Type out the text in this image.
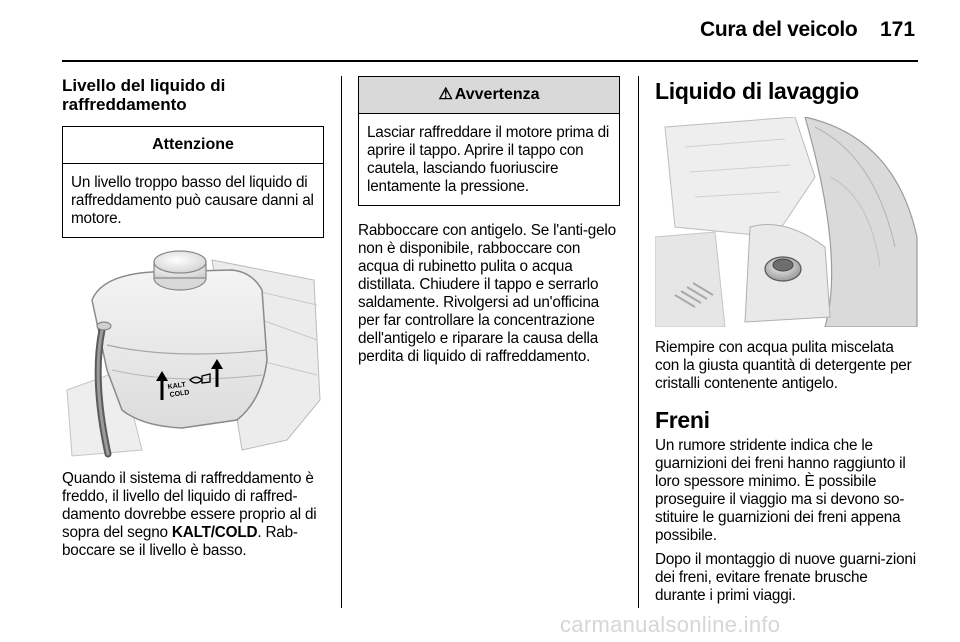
Cura del veicolo 171
Livello del liquido di raffreddamento
Attenzione
Un livello troppo basso del liquido di raffreddamento può causare danni al motore.
KALT
COLD

Quando il sistema di raffreddamento è freddo, il livello del liquido di raffred-damento dovrebbe essere proprio al di sopra del segno KALT/COLD. Rab-boccare se il livello è basso.

⚠ Avvertenza
Lasciar raffreddare il motore prima di aprire il tappo. Aprire il tappo con cautela, lasciando fuoriuscire lentamente la pressione.

Rabboccare con antigelo. Se l'anti-gelo non è disponibile, rabboccare con acqua di rubinetto pulita o acqua distillata. Chiudere il tappo e serrarlo saldamente. Rivolgersi ad un'officina per far controllare la concentrazione dell'antigelo e riparare la causa della perdita di liquido di raffreddamento.

Liquido di lavaggio

Riempire con acqua pulita miscelata con la giusta quantità di detergente per cristalli contenente antigelo.

Freni

Un rumore stridente indica che le guarnizioni dei freni hanno raggiunto il loro spessore minimo. È possibile proseguire il viaggio ma si devono so-stituire le guarnizioni dei freni appena possibile.

Dopo il montaggio di nuove guarni-zioni dei freni, evitare frenate brusche durante i primi viaggi.

carmanualsonline.info
